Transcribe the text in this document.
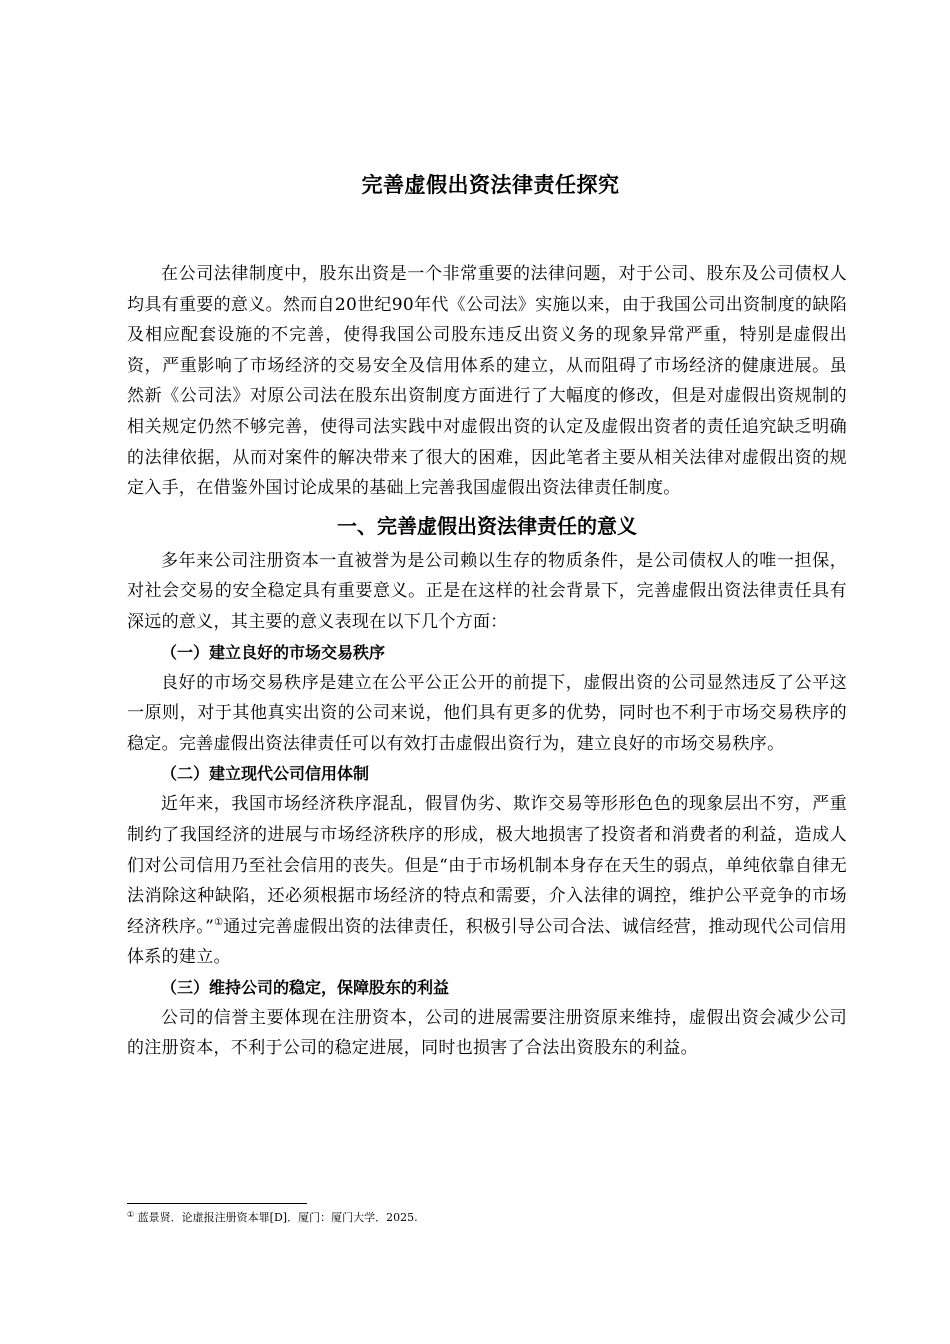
完善虚假出资法律责任探究

在公司法律制度中，股东出资是一个非常重要的法律问题，对于公司、股东及公司债权人均具有重要的意义。然而自20世纪90年代《公司法》实施以来，由于我国公司出资制度的缺陷及相应配套设施的不完善，使得我国公司股东违反出资义务的现象异常严重，特别是虚假出资，严重影响了市场经济的交易安全及信用体系的建立，从而阻碍了市场经济的健康进展。虽然新《公司法》对原公司法在股东出资制度方面进行了大幅度的修改，但是对虚假出资规制的相关规定仍然不够完善，使得司法实践中对虚假出资的认定及虚假出资者的责任追究缺乏明确的法律依据，从而对案件的解决带来了很大的困难，因此笔者主要从相关法律对虚假出资的规定入手，在借鉴外国讨论成果的基础上完善我国虚假出资法律责任制度。

一、完善虚假出资法律责任的意义

多年来公司注册资本一直被誉为是公司赖以生存的物质条件，是公司债权人的唯一担保，对社会交易的安全稳定具有重要意义。正是在这样的社会背景下，完善虚假出资法律责任具有深远的意义，其主要的意义表现在以下几个方面：

（一）建立良好的市场交易秩序

良好的市场交易秩序是建立在公平公正公开的前提下，虚假出资的公司显然违反了公平这一原则，对于其他真实出资的公司来说，他们具有更多的优势，同时也不利于市场交易秩序的稳定。完善虚假出资法律责任可以有效打击虚假出资行为，建立良好的市场交易秩序。

（二）建立现代公司信用体制

近年来，我国市场经济秩序混乱，假冒伪劣、欺诈交易等形形色色的现象层出不穷，严重制约了我国经济的进展与市场经济秩序的形成，极大地损害了投资者和消费者的利益，造成人们对公司信用乃至社会信用的丧失。但是“由于市场机制本身存在天生的弱点，单纯依靠自律无法消除这种缺陷，还必须根据市场经济的特点和需要，介入法律的调控，维护公平竞争的市场经济秩序。”①通过完善虚假出资的法律责任，积极引导公司合法、诚信经营，推动现代公司信用体系的建立。

（三）维持公司的稳定，保障股东的利益

公司的信誉主要体现在注册资本，公司的进展需要注册资原来维持，虚假出资会减少公司的注册资本，不利于公司的稳定进展，同时也损害了合法出资股东的利益。

① 蓝景贤．论虚报注册资本罪[D]．厦门：厦门大学．2025.
